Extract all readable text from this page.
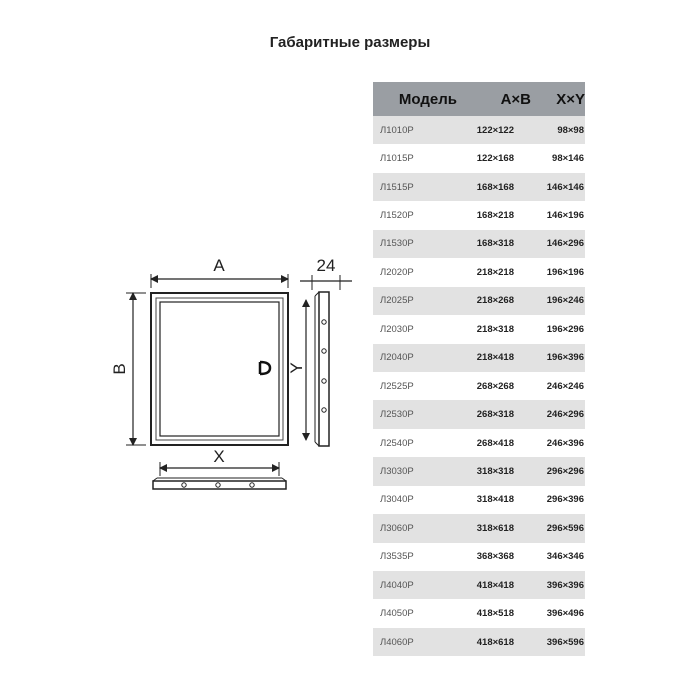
Габаритные размеры
A
B
24
Y
X
Модель	A×B	X×Y
Л1010Р	122×122	98×98
Л1015Р	122×168	98×146
Л1515Р	168×168	146×146
Л1520Р	168×218	146×196
Л1530Р	168×318	146×296
Л2020Р	218×218	196×196
Л2025Р	218×268	196×246
Л2030Р	218×318	196×296
Л2040Р	218×418	196×396
Л2525Р	268×268	246×246
Л2530Р	268×318	246×296
Л2540Р	268×418	246×396
Л3030Р	318×318	296×296
Л3040Р	318×418	296×396
Л3060Р	318×618	296×596
Л3535Р	368×368	346×346
Л4040Р	418×418	396×396
Л4050Р	418×518	396×496
Л4060Р	418×618	396×596
